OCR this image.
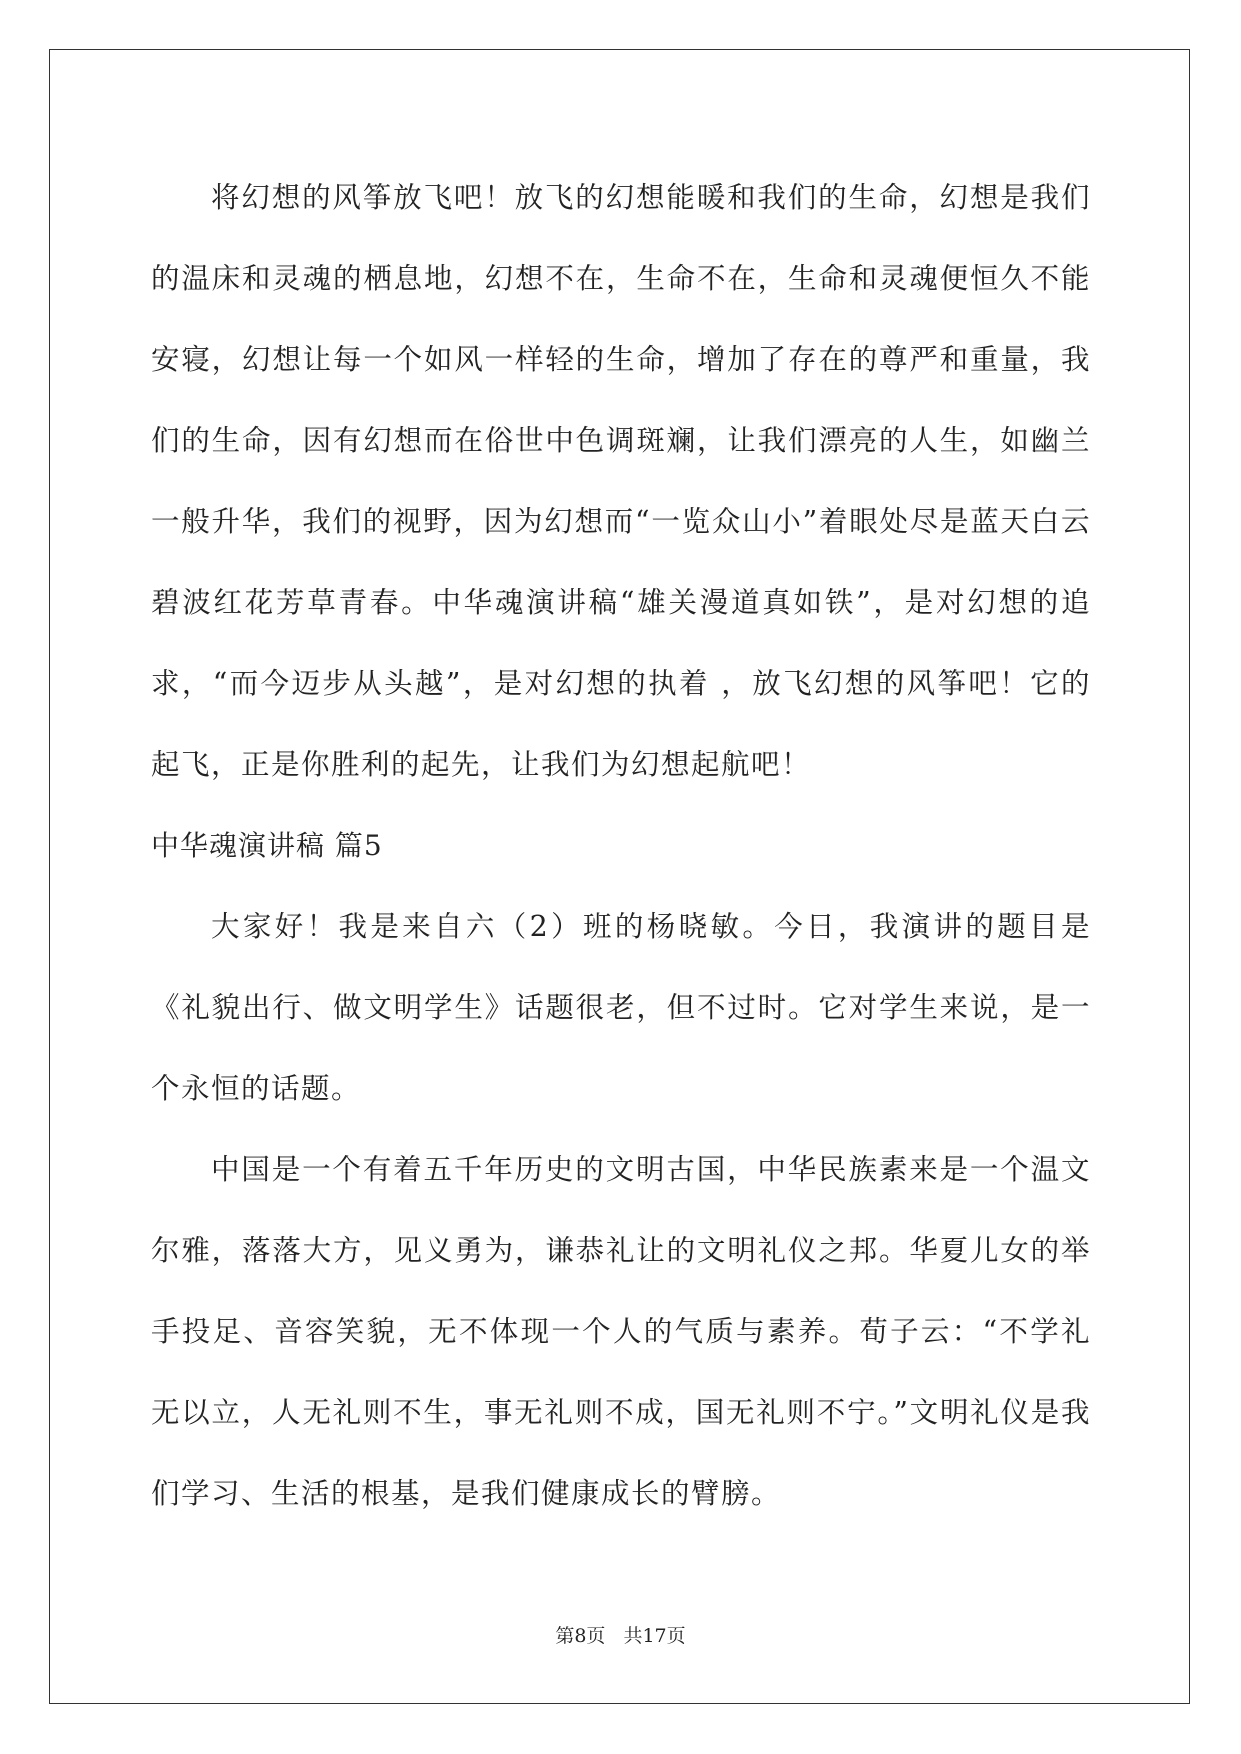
将幻想的风筝放飞吧！放飞的幻想能暖和我们的生命，幻想是我们的温床和灵魂的栖息地，幻想不在，生命不在，生命和灵魂便恒久不能安寝，幻想让每一个如风一样轻的生命，增加了存在的尊严和重量，我们的生命，因有幻想而在俗世中色调斑斓，让我们漂亮的人生，如幽兰一般升华，我们的视野，因为幻想而“一览众山小”着眼处尽是蓝天白云碧波红花芳草青春。中华魂演讲稿“雄关漫道真如铁”，是对幻想的追求，“而今迈步从头越”，是对幻想的执着 ，放飞幻想的风筝吧！它的起飞，正是你胜利的起先，让我们为幻想起航吧！

中华魂演讲稿 篇5

大家好！我是来自六（2）班的杨晓敏。今日，我演讲的题目是《礼貌出行、做文明学生》话题很老，但不过时。它对学生来说，是一个永恒的话题。

中国是一个有着五千年历史的文明古国，中华民族素来是一个温文尔雅，落落大方，见义勇为，谦恭礼让的文明礼仪之邦。华夏儿女的举手投足、音容笑貌，无不体现一个人的气质与素养。荀子云：“不学礼无以立，人无礼则不生，事无礼则不成，国无礼则不宁。”文明礼仪是我们学习、生活的根基，是我们健康成长的臂膀。

第8页 共17页
